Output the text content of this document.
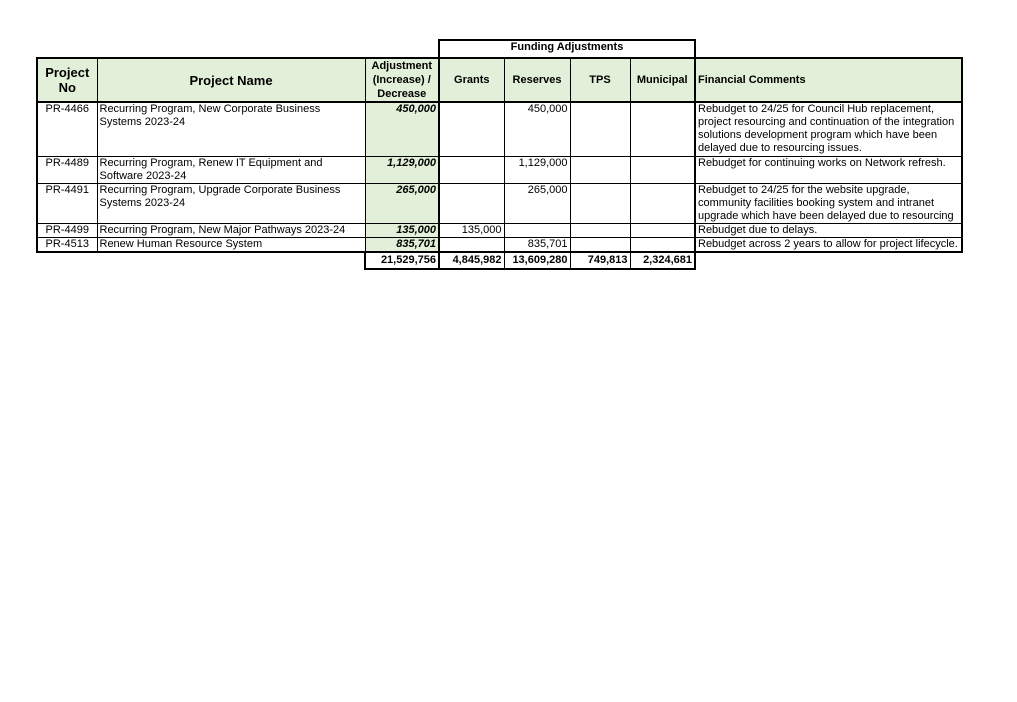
			Funding Adjustments				
Project No	Project Name	Adjustment (Increase) / Decrease	Grants	Reserves	TPS	Municipal	Financial Comments
PR-4466	Recurring Program, New Corporate Business Systems 2023-24	450,000		450,000			Rebudget to 24/25 for Council Hub replacement, project resourcing and continuation of the integration solutions development program which have been delayed due to resourcing issues.
PR-4489	Recurring Program, Renew IT Equipment and Software 2023-24	1,129,000		1,129,000			Rebudget for continuing works on Network refresh.
PR-4491	Recurring Program, Upgrade Corporate Business Systems 2023-24	265,000		265,000			Rebudget to 24/25 for the website upgrade, community facilities booking system and intranet upgrade which have been delayed due to resourcing
PR-4499	Recurring Program, New Major Pathways 2023-24	135,000	135,000				Rebudget due to delays.
PR-4513	Renew Human Resource System	835,701		835,701			Rebudget across 2 years to allow for project lifecycle.
		21,529,756	4,845,982	13,609,280	749,813	2,324,681	
